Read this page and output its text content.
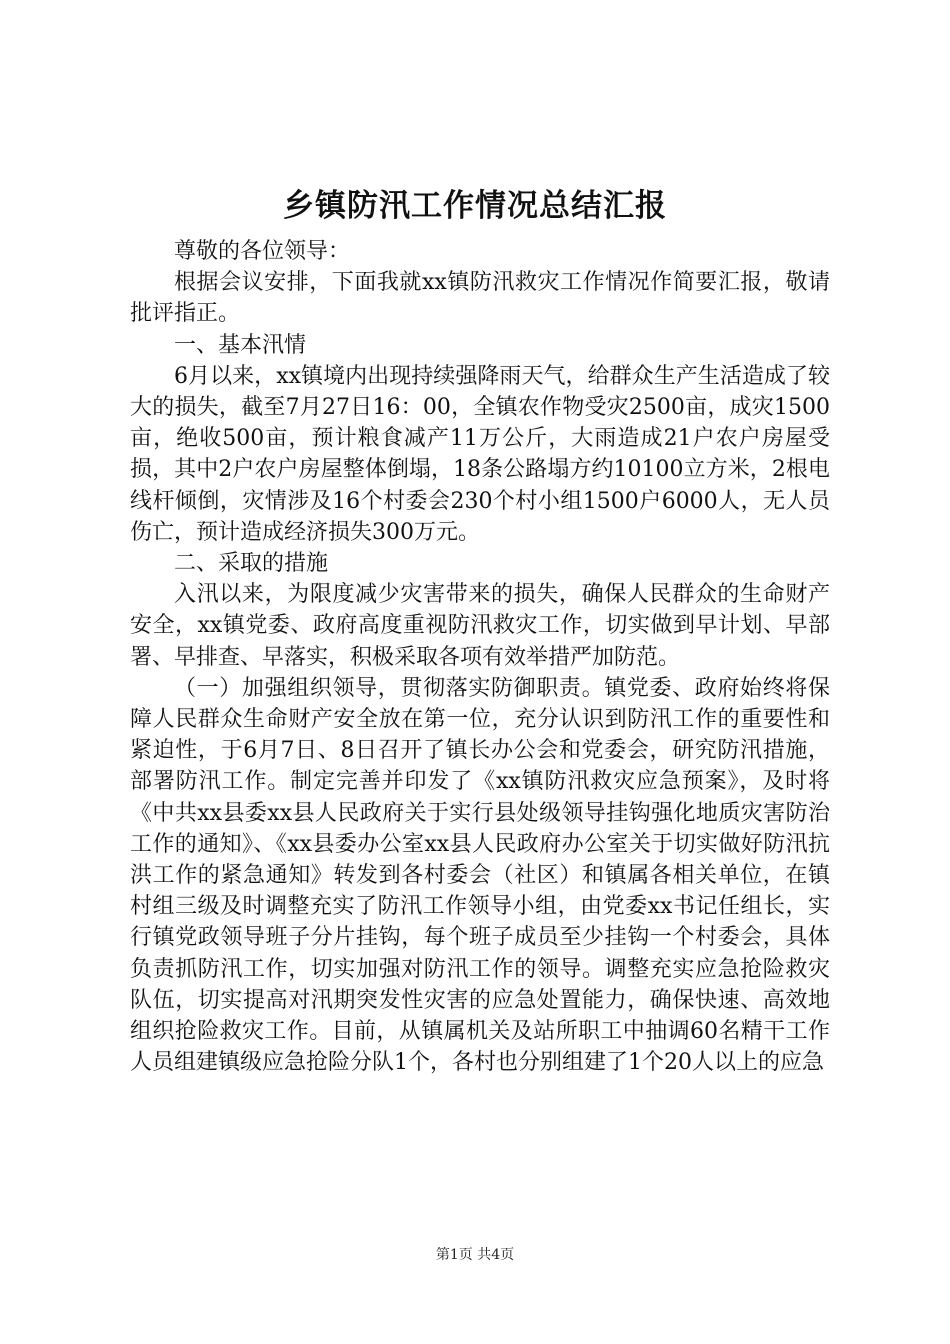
乡镇防汛工作情况总结汇报

尊敬的各位领导：

根据会议安排，下面我就xx镇防汛救灾工作情况作简要汇报，敬请批评指正。

一、基本汛情

6月以来，xx镇境内出现持续强降雨天气，给群众生产生活造成了较大的损失，截至7月27日16：00，全镇农作物受灾2500亩，成灾1500亩，绝收500亩，预计粮食减产11万公斤，大雨造成21户农户房屋受损，其中2户农户房屋整体倒塌，18条公路塌方约10100立方米，2根电线杆倾倒，灾情涉及16个村委会230个村小组1500户6000人，无人员伤亡，预计造成经济损失300万元。

二、采取的措施

入汛以来，为限度减少灾害带来的损失，确保人民群众的生命财产安全，xx镇党委、政府高度重视防汛救灾工作，切实做到早计划、早部署、早排查、早落实，积极采取各项有效举措严加防范。

（一）加强组织领导，贯彻落实防御职责。镇党委、政府始终将保障人民群众生命财产安全放在第一位，充分认识到防汛工作的重要性和紧迫性，于6月7日、8日召开了镇长办公会和党委会，研究防汛措施，部署防汛工作。制定完善并印发了《xx镇防汛救灾应急预案》，及时将《中共xx县委xx县人民政府关于实行县处级领导挂钩强化地质灾害防治工作的通知》、《xx县委办公室xx县人民政府办公室关于切实做好防汛抗洪工作的紧急通知》转发到各村委会（社区）和镇属各相关单位，在镇村组三级及时调整充实了防汛工作领导小组，由党委xx书记任组长，实行镇党政领导班子分片挂钩，每个班子成员至少挂钩一个村委会，具体负责抓防汛工作，切实加强对防汛工作的领导。调整充实应急抢险救灾队伍，切实提高对汛期突发性灾害的应急处置能力，确保快速、高效地组织抢险救灾工作。目前，从镇属机关及站所职工中抽调60名精干工作人员组建镇级应急抢险分队1个，各村也分别组建了1个20人以上的应急

第1页 共4页
